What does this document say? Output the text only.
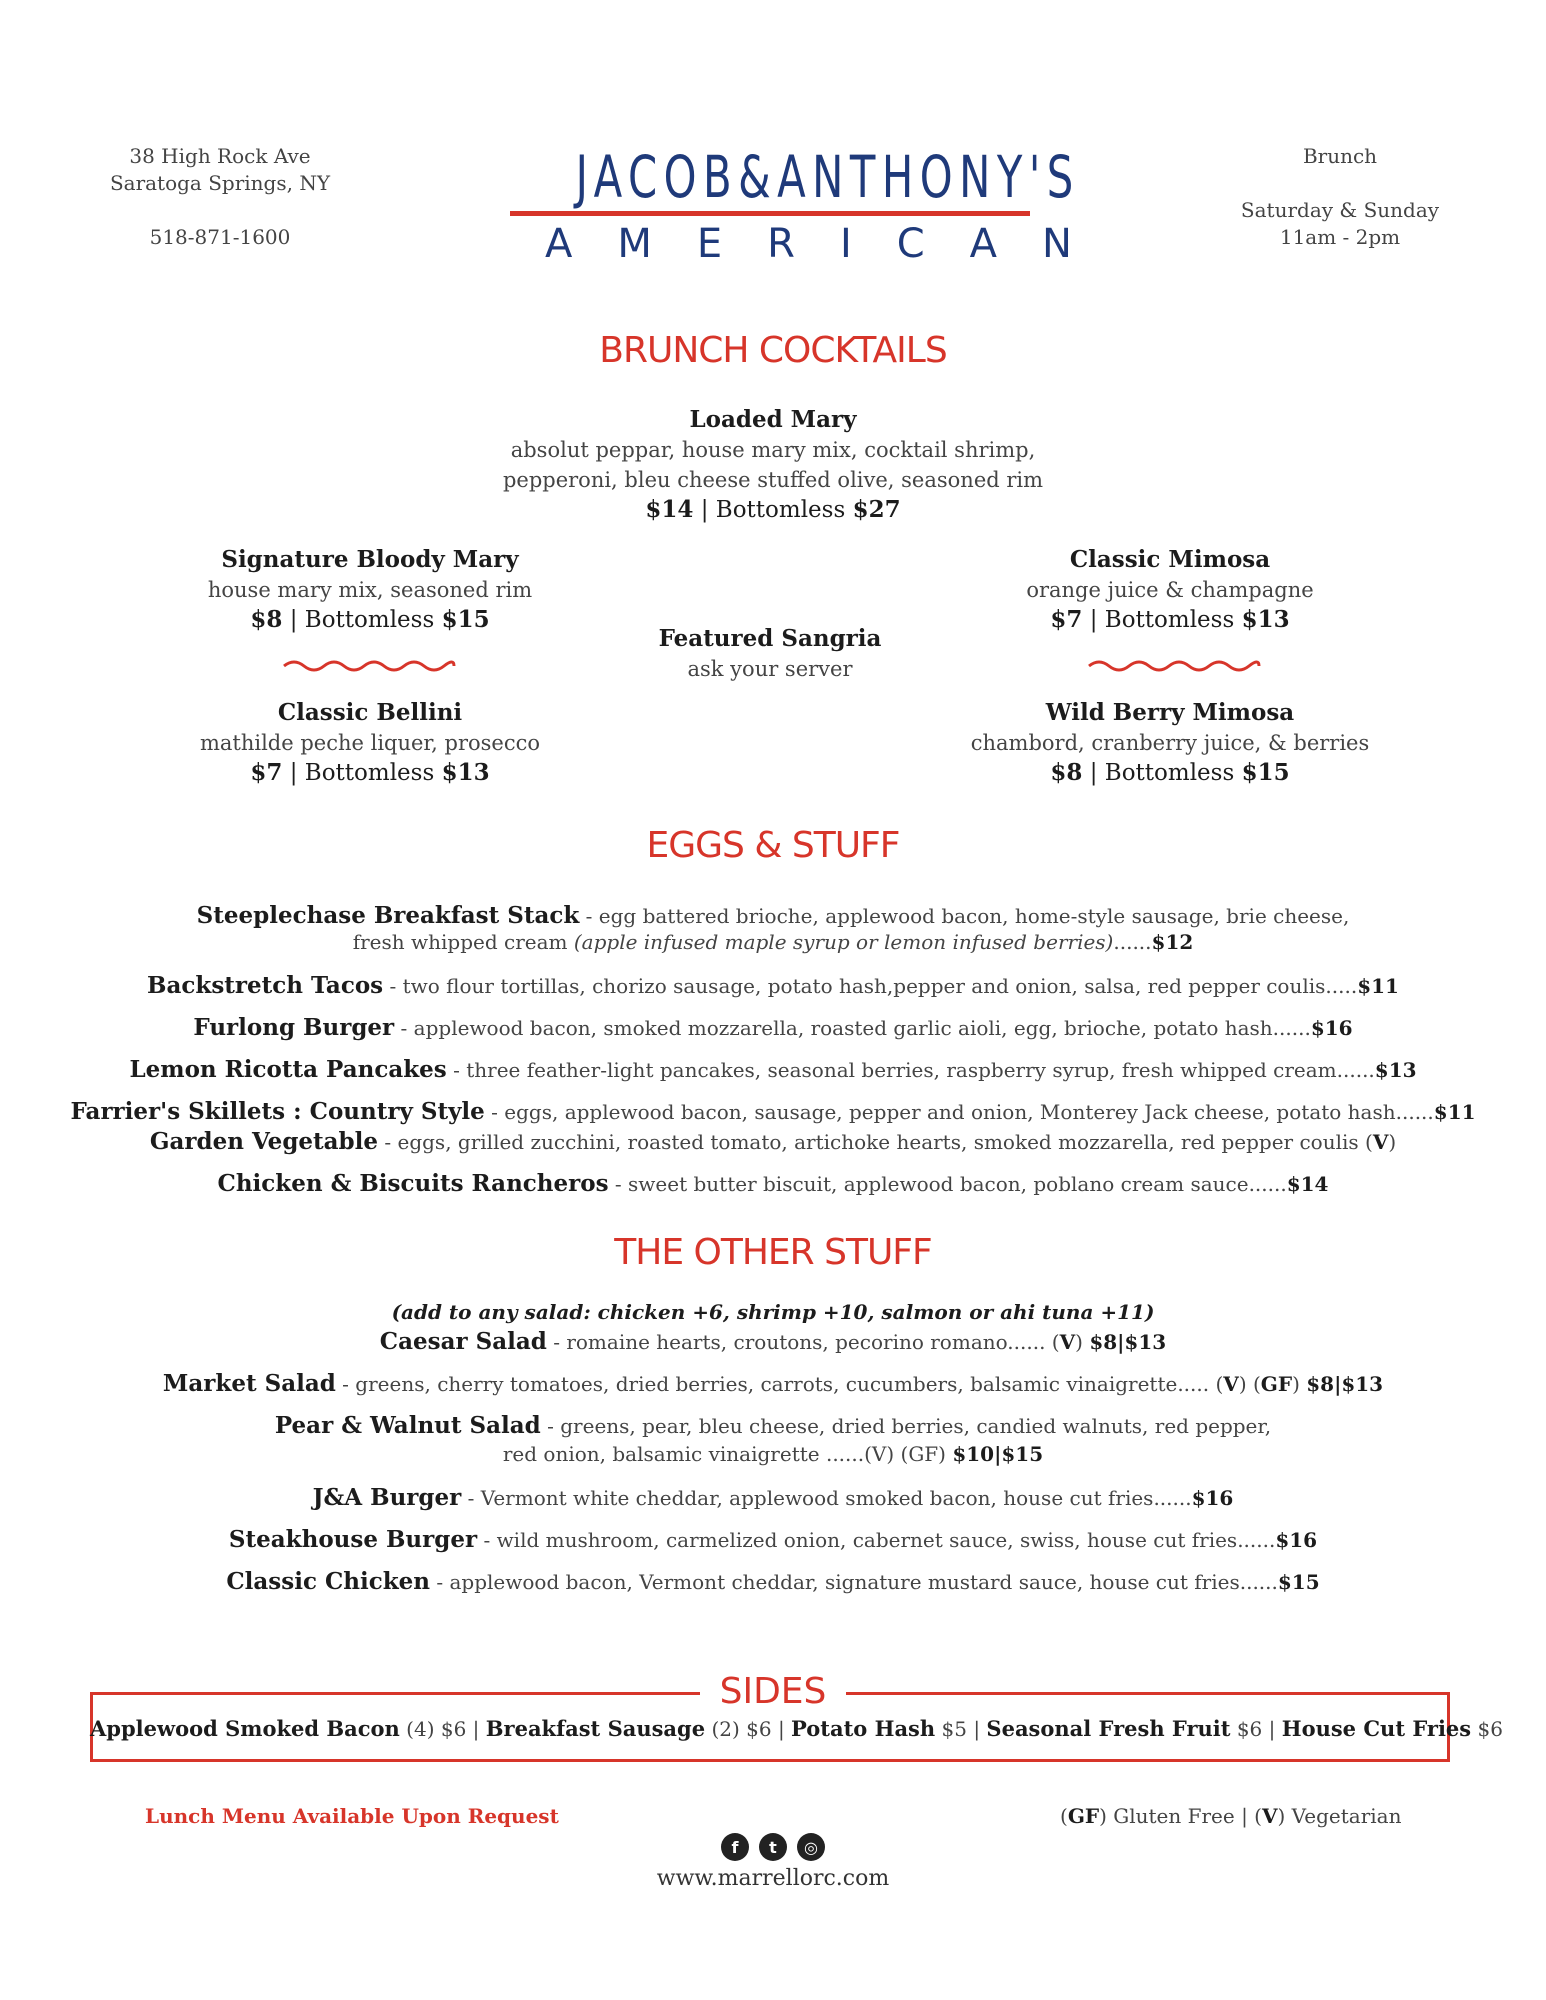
38 High Rock Ave
Saratoga Springs, NY
518-871-1600
JACOB&ANTHONY'S
AMERICAN
Brunch
Saturday & Sunday
11am - 2pm
BRUNCH COCKTAILS
Loaded Mary
absolut peppar, house mary mix, cocktail shrimp,
pepperoni, bleu cheese stuffed olive, seasoned rim
$14 | Bottomless $27
Signature Bloody Mary
house mary mix, seasoned rim
$8 | Bottomless $15
Featured Sangria
ask your server
Classic Mimosa
orange juice & champagne
$7 | Bottomless $13
Classic Bellini
mathilde peche liquer, prosecco
$7 | Bottomless $13
Wild Berry Mimosa
chambord, cranberry juice, & berries
$8 | Bottomless $15
EGGS & STUFF
Steeplechase Breakfast Stack - egg battered brioche, applewood bacon, home-style sausage, brie cheese,
fresh whipped cream (apple infused maple syrup or lemon infused berries)......$12
Backstretch Tacos - two flour tortillas, chorizo sausage, potato hash,pepper and onion, salsa, red pepper coulis.....$11
Furlong Burger - applewood bacon, smoked mozzarella, roasted garlic aioli, egg, brioche, potato hash......$16
Lemon Ricotta Pancakes - three feather-light pancakes, seasonal berries, raspberry syrup, fresh whipped cream......$13
Farrier's Skillets : Country Style - eggs, applewood bacon, sausage, pepper and onion, Monterey Jack cheese, potato hash......$11
Garden Vegetable - eggs, grilled zucchini, roasted tomato, artichoke hearts, smoked mozzarella, red pepper coulis (V)
Chicken & Biscuits Rancheros - sweet butter biscuit, applewood bacon, poblano cream sauce......$14
THE OTHER STUFF
(add to any salad: chicken +6, shrimp +10, salmon or ahi tuna +11)
Caesar Salad - romaine hearts, croutons, pecorino romano...... (V) $8|$13
Market Salad - greens, cherry tomatoes, dried berries, carrots, cucumbers, balsamic vinaigrette..... (V) (GF) $8|$13
Pear & Walnut Salad - greens, pear, bleu cheese, dried berries, candied walnuts, red pepper,
red onion, balsamic vinaigrette ......(V) (GF) $10|$15
J&A Burger - Vermont white cheddar, applewood smoked bacon, house cut fries......$16
Steakhouse Burger - wild mushroom, carmelized onion, cabernet sauce, swiss, house cut fries......$16
Classic Chicken - applewood bacon, Vermont cheddar, signature mustard sauce, house cut fries......$15
SIDES
Applewood Smoked Bacon (4) $6 | Breakfast Sausage (2) $6 | Potato Hash $5 | Seasonal Fresh Fruit $6 | House Cut Fries $6
Lunch Menu Available Upon Request	(GF) Gluten Free | (V) Vegetarian
f	t	◎
www.marrellorc.com
